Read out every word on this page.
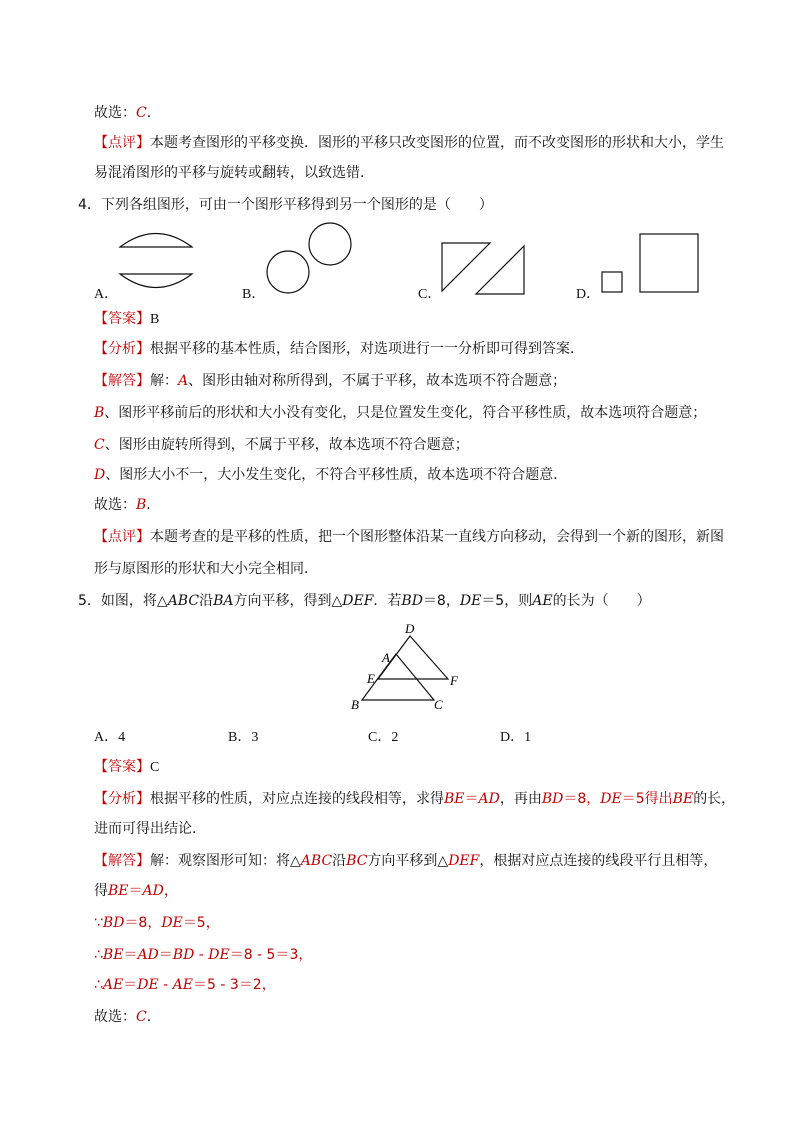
故选：C.
【点评】本题考查图形的平移变换．图形的平移只改变图形的位置，而不改变图形的形状和大小，学生
易混淆图形的平移与旋转或翻转，以致选错．
4．下列各组图形，可由一个图形平移得到另一个图形的是（　　）
A．	B．	C．	D．
【答案】B
【分析】根据平移的基本性质，结合图形，对选项进行一一分析即可得到答案．
【解答】解：A、图形由轴对称所得到，不属于平移，故本选项不符合题意；
B、图形平移前后的形状和大小没有变化，只是位置发生变化，符合平移性质，故本选项符合题意；
C、图形由旋转所得到，不属于平移，故本选项不符合题意；
D、图形大小不一，大小发生变化，不符合平移性质，故本选项不符合题意．
故选：B.
【点评】本题考查的是平移的性质，把一个图形整体沿某一直线方向移动，会得到一个新的图形，新图
形与原图形的形状和大小完全相同．
5．如图，将△ABC沿BA方向平移，得到△DEF．若BD＝8，DE＝5，则AE的长为（　　）
D
A
E	F
B	C
A．4	B．3	C．2	D．1
【答案】C
【分析】根据平移的性质，对应点连接的线段相等，求得BE＝AD，再由BD＝8，DE＝5得出BE的长，
进而可得出结论．
【解答】解：观察图形可知：将△ABC沿BC方向平移到△DEF，根据对应点连接的线段平行且相等，
得BE＝AD，
∵BD＝8，DE＝5，
∴BE＝AD＝BD - DE＝8 - 5＝3，
∴AE＝DE - AE＝5 - 3＝2，
故选：C.
